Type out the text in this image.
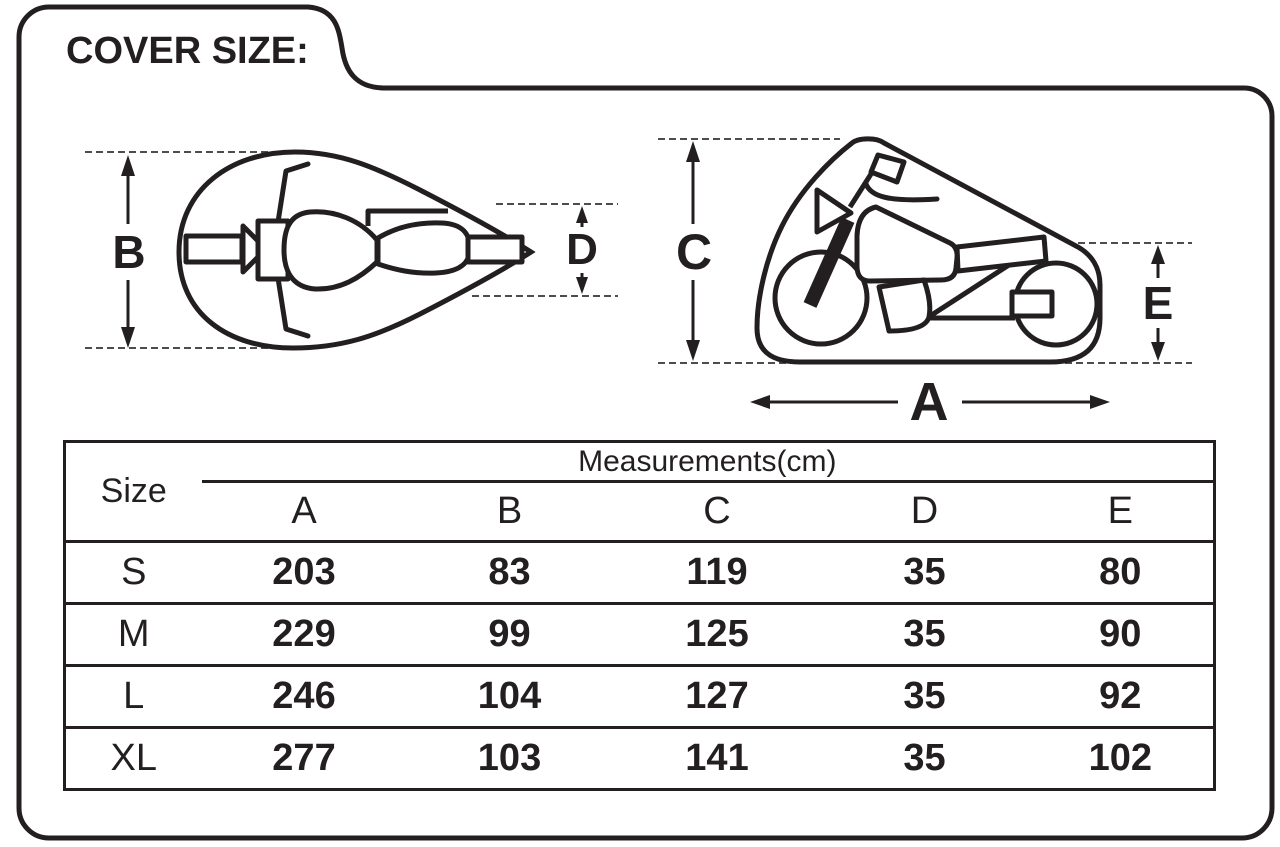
COVER SIZE:
B	D C
E
A
Size	Measurements(cm)				
	A	B	C	D	E
S	203	83	119	35	80
M	229	99	125	35	90
L	246	104	127	35	92
XL	277	103	141	35	102
